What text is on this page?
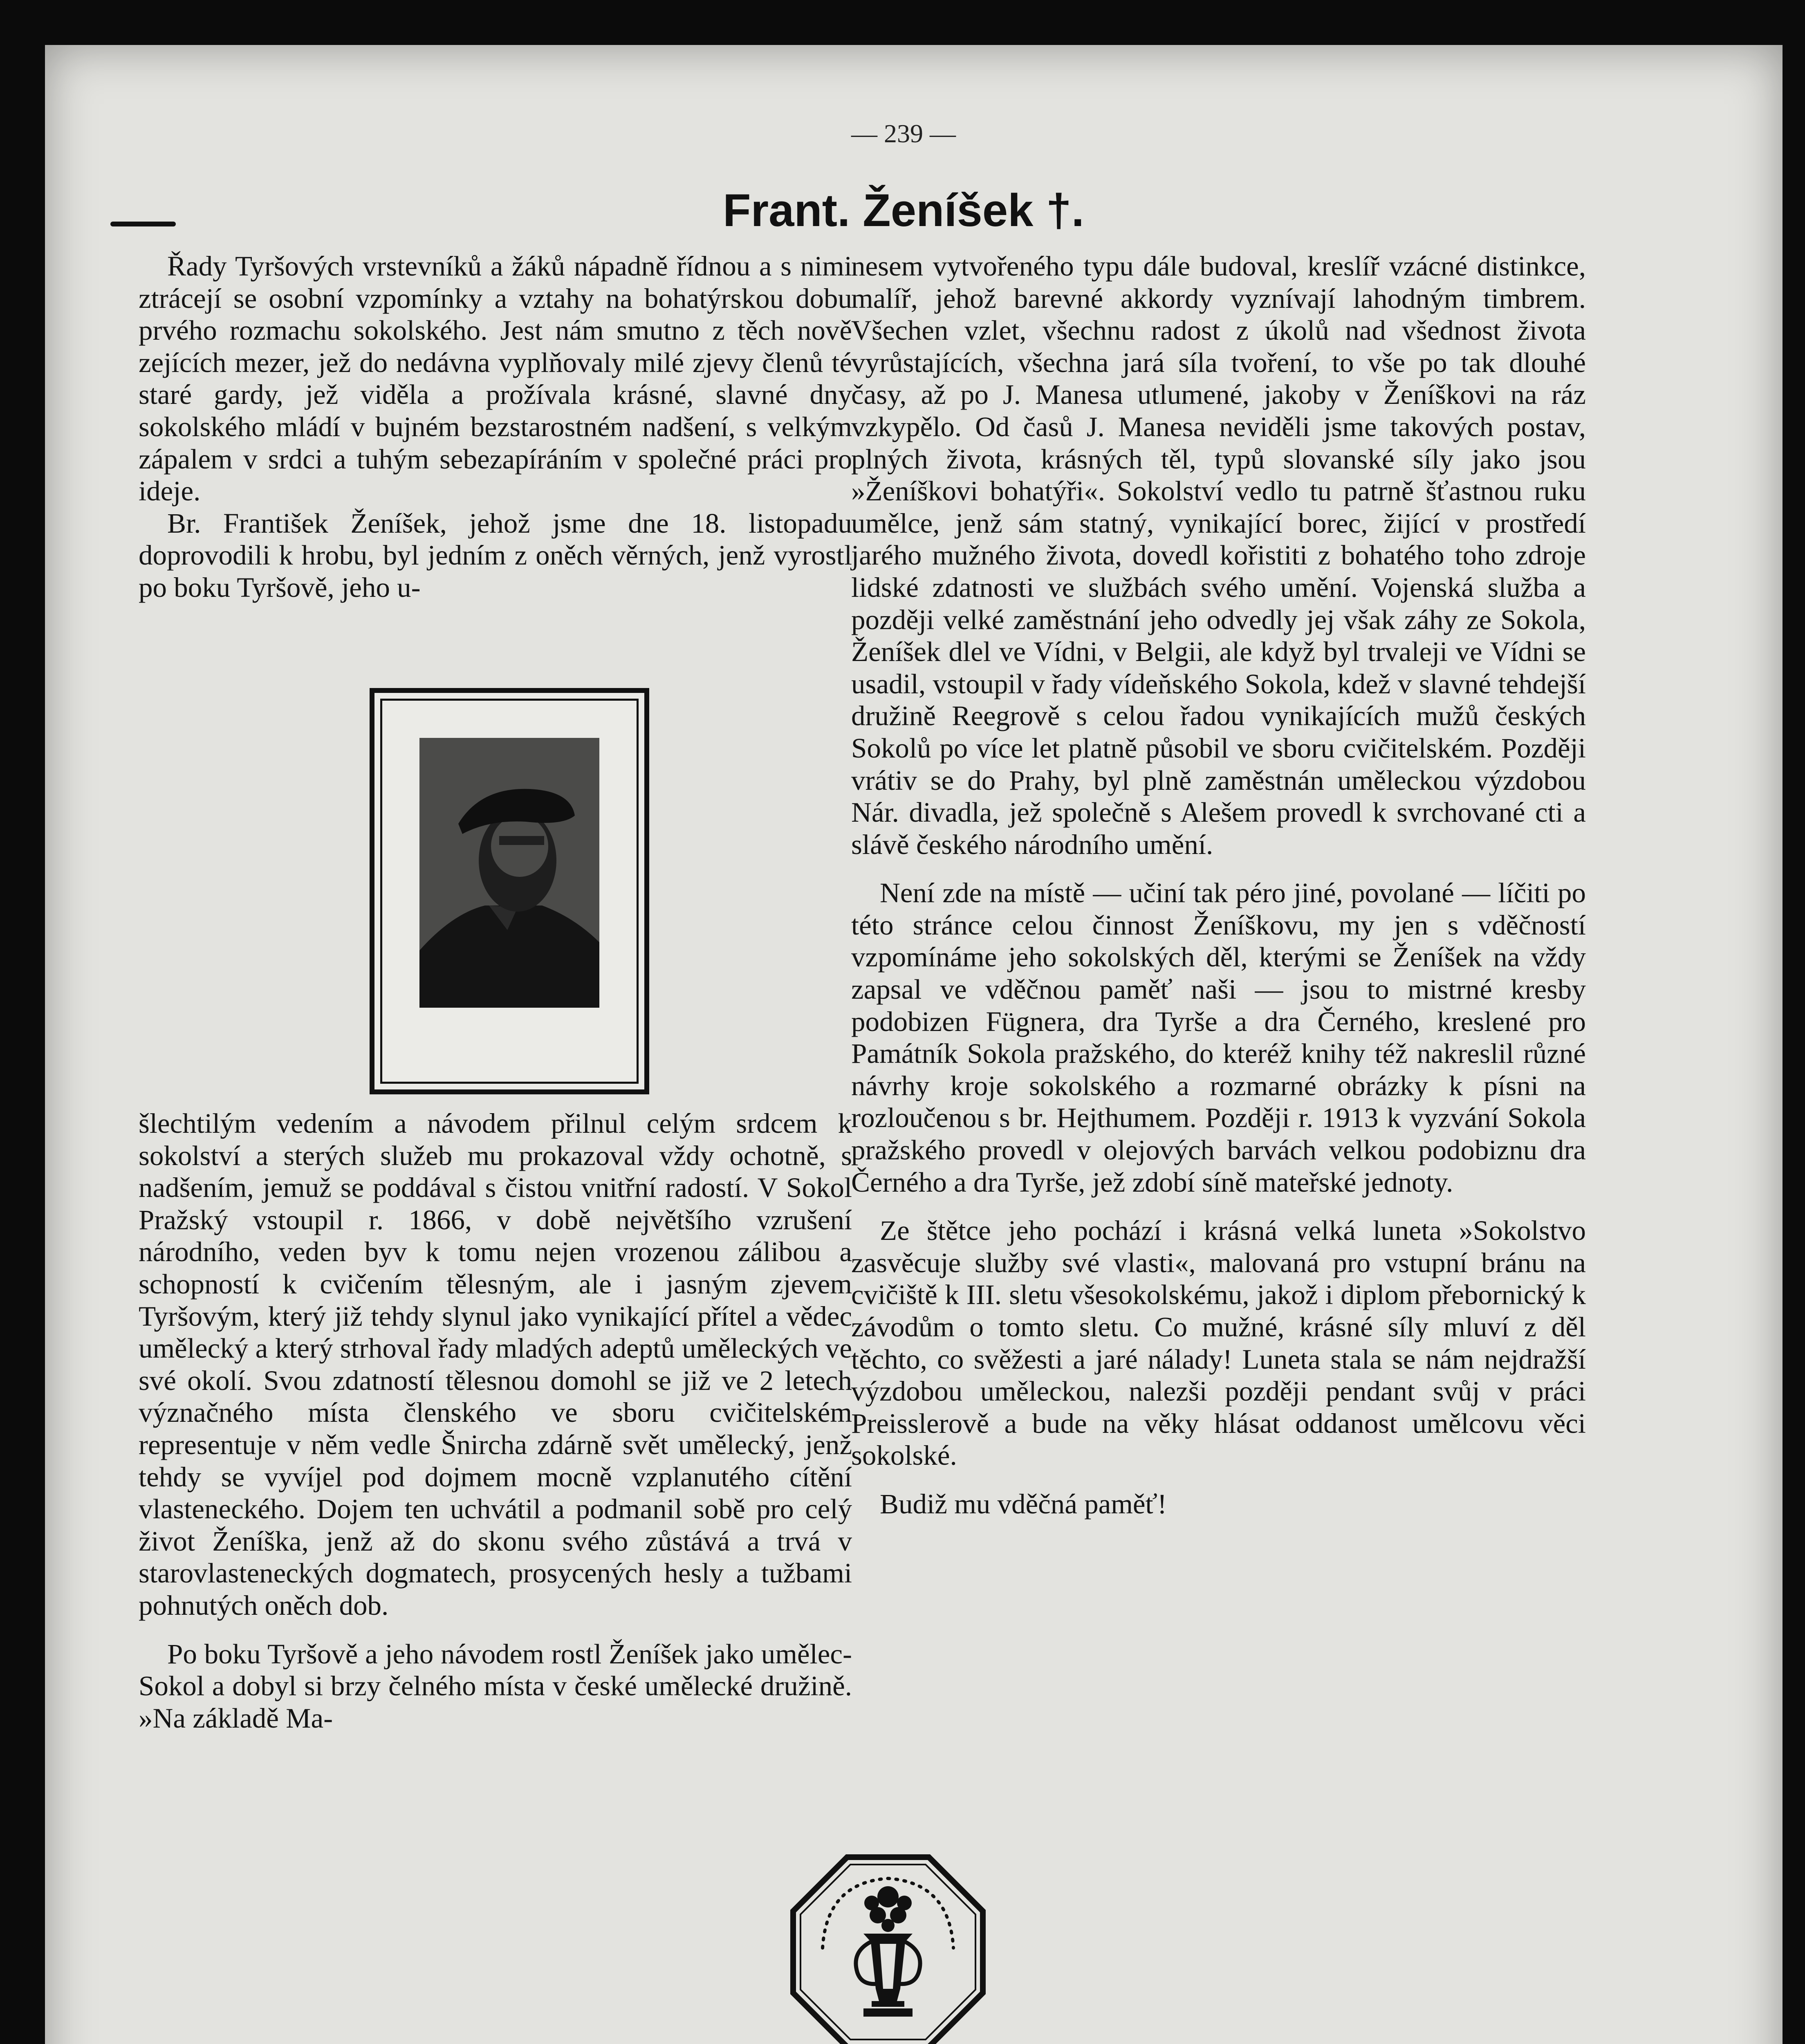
— 239 —
Frant. Ženíšek †.

Řady Tyršových vrstevníků a žáků nápadně řídnou a s nimi ztrácejí se osobní vzpomínky a vztahy na bohatýrskou dobu prvého rozmachu sokolského. Jest nám smutno z těch nově zejících mezer, jež do nedávna vyplňovaly milé zjevy členů té staré gardy, jež viděla a prožívala krásné, slavné dny sokolského mládí v bujném bezstarostném nadšení, s velkým zápalem v srdci a tuhým sebezapíráním v společné práci pro ideje.

Br. František Ženíšek, jehož jsme dne 18. listopadu doprovodili k hrobu, byl jedním z oněch věrných, jenž vyrostl po boku Tyršově, jeho u-

šlechtilým vedením a návodem přilnul celým srdcem k sokolství a sterých služeb mu prokazoval vždy ochotně, s nadšením, jemuž se poddával s čistou vnitřní radostí. V Sokol Pražský vstoupil r. 1866, v době největšího vzrušení národního, veden byv k tomu nejen vrozenou zálibou a schopností k cvičením tělesným, ale i jasným zjevem Tyršovým, který již tehdy slynul jako vynikající přítel a vědec umělecký a který strhoval řady mladých adeptů uměleckých ve své okolí. Svou zdatností tělesnou domohl se již ve 2 letech význačného místa členského ve sboru cvičitelském representuje v něm vedle Šnircha zdárně svět umělecký, jenž tehdy se vyvíjel pod dojmem mocně vzplanutého cítění vlasteneckého. Dojem ten uchvátil a podmanil sobě pro celý život Ženíška, jenž až do skonu svého zůstává a trvá v starovlasteneckých dogmatech, prosycených hesly a tužbami pohnutých oněch dob.

Po boku Tyršově a jeho návodem rostl Ženíšek jako umělec-Sokol a dobyl si brzy čelného místa v české umělecké družině. »Na základě Ma-

nesem vytvořeného typu dále budoval, kreslíř vzácné distinkce, malíř, jehož barevné akkordy vyznívají lahodným timbrem. Všechen vzlet, všechnu radost z úkolů nad všednost života vyrůstajících, všechna jará síla tvoření, to vše po tak dlouhé časy, až po J. Manesa utlumené, jakoby v Ženíškovi na ráz vzkypělo. Od časů J. Manesa neviděli jsme takových postav, plných života, krásných těl, typů slovanské síly jako jsou »Ženíškovi bohatýři«. Sokolství vedlo tu patrně šťastnou ruku umělce, jenž sám statný, vynikající borec, žijící v prostředí jarého mužného života, dovedl kořistiti z bohatého toho zdroje lidské zdatnosti ve službách svého umění. Vojenská služba a později velké zaměstnání jeho odvedly jej však záhy ze Sokola, Ženíšek dlel ve Vídni, v Belgii, ale když byl trvaleji ve Vídni se usadil, vstoupil v řady vídeňského Sokola, kdež v slavné tehdejší družině Reegrově s celou řadou vynikajících mužů českých Sokolů po více let platně působil ve sboru cvičitelském. Později vrátiv se do Prahy, byl plně zaměstnán uměleckou výzdobou Nár. divadla, jež společně s Alešem provedl k svrchované cti a slávě českého národního umění.

Není zde na místě — učiní tak péro jiné, povolané — líčiti po této stránce celou činnost Ženíškovu, my jen s vděčností vzpomínáme jeho sokolských děl, kterými se Ženíšek na vždy zapsal ve vděčnou paměť naši — jsou to mistrné kresby podobizen Fügnera, dra Tyrše a dra Černého, kreslené pro Památník Sokola pražského, do kteréž knihy též nakreslil různé návrhy kroje sokolského a rozmarné obrázky k písni na rozloučenou s br. Hejthumem. Později r. 1913 k vyzvání Sokola pražského provedl v olejových barvách velkou podobiznu dra Černého a dra Tyrše, jež zdobí síně mateřské jednoty.

Ze štětce jeho pochází i krásná velká luneta »Sokolstvo zasvěcuje služby své vlasti«, malovaná pro vstupní bránu na cvičiště k III. sletu všesokolskému, jakož i diplom přebornický k závodům o tomto sletu. Co mužné, krásné síly mluví z děl těchto, co svěžesti a jaré nálady! Luneta stala se nám nejdražší výzdobou uměleckou, nalezši později pendant svůj v práci Preisslerově a bude na věky hlásat oddanost umělcovu věci sokolské.

Budiž mu vděčná paměť!
